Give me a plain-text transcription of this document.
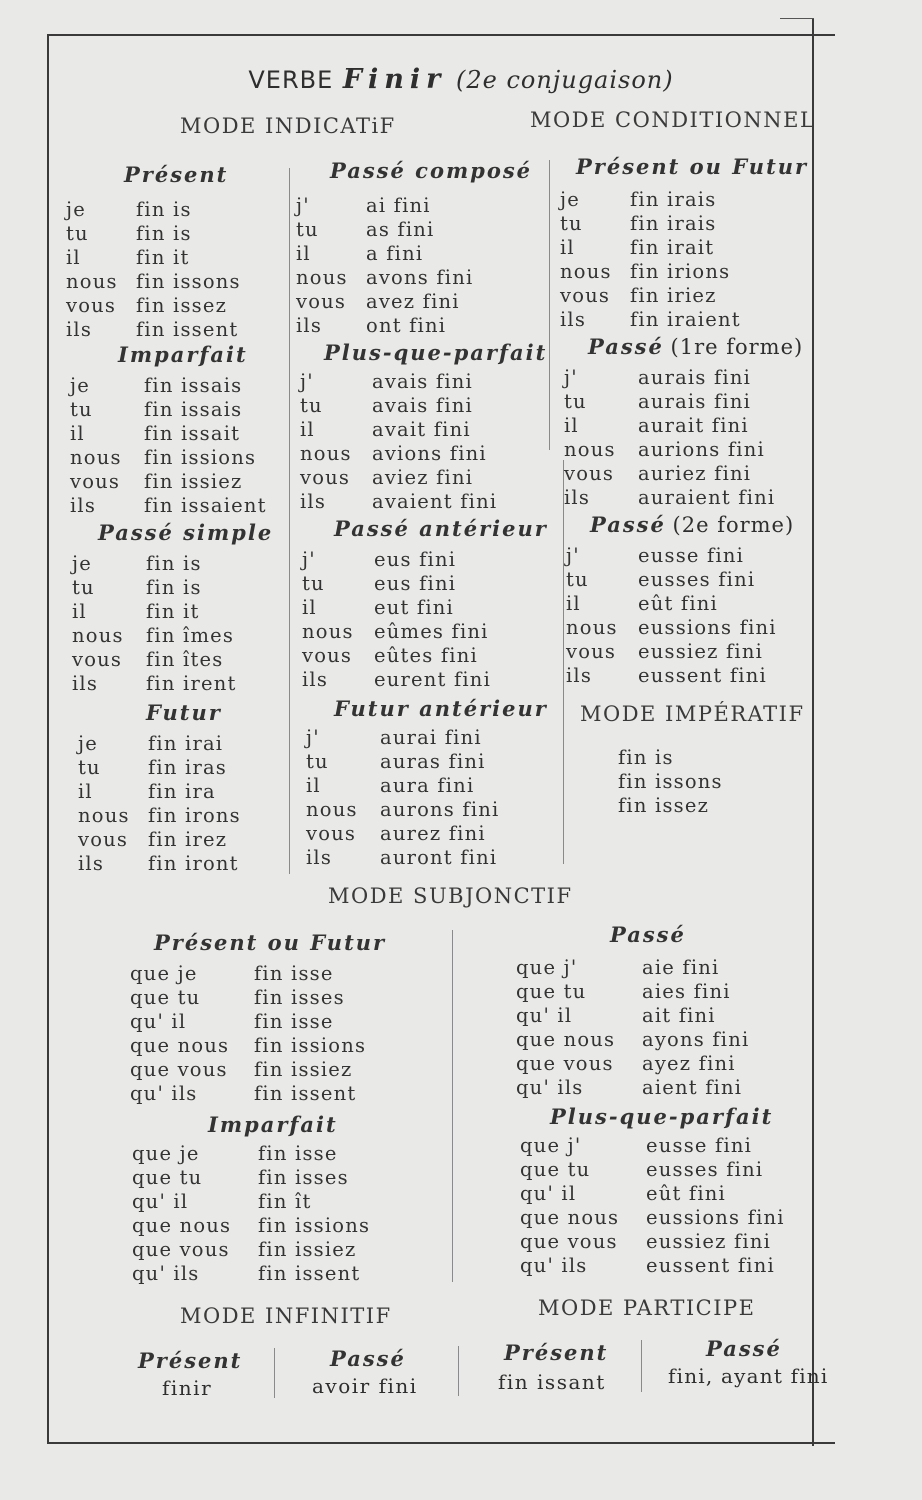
VERBE Finir (2e conjugaison)
MODE INDICATiF	MODE CONDITIONNEL
Présent
Imparfait
Passé simple
Futur
Passé composé
Plus-que-parfait
Passé antérieur
Futur antérieur
Présent ou Futur
Passé (1re forme)
Passé (2e forme)
MODE IMPÉRATIF
je	fin is
tu fin is
il	fin it
nous fin issons
vous fin issez
ils fin issent
je	fin issais
tu	fin issais
il	fin issait
nous fin issions
vous fin issiez
ils fin issaient
je	fin is
tu	fin is
il	fin it
nous fin îmes
vous fin îtes
ils fin irent
je	fin irai
tu fin iras
il	fin ira
nous fin irons
vous fin irez
ils fin iront
j'	ai fini
tu as fini
il	a fini
nous avons fini
vous avez fini
ils ont fini
j'	avais fini
tu	avais fini
il	avait fini
nous avions fini
vous aviez fini
ils avaient fini
j'	eus fini
tu	eus fini
il	eut fini
nous eûmes fini
vous eûtes fini
ils eurent fini
j'	aurai fini
tu	auras fini
il	aura fini
nous aurons fini
vous aurez fini
ils auront fini
je	fin irais
tu fin irais
il	fin irait
nous fin irions
vous fin iriez
ils fin iraient
j'	aurais fini
tu	aurais fini
il	aurait fini
nous aurions fini
vous auriez fini
ils auraient fini
j'	eusse fini
tu	eusses fini
il	eût fini
nous eussions fini
vous eussiez fini
ils eussent fini
fin is
fin issons
fin issez
MODE SUBJONCTIF
Présent ou Futur
Imparfait
Passé
Plus-que-parfait
que je	fin isse
que tu	fin isses
qu' il	fin isse
que nous fin issions
que vous fin issiez
qu' ils	fin issent
que je	fin isse
que tu	fin isses
qu' il	fin ît
que nous fin issions
que vous fin issiez
qu' ils	fin issent
que j'	aie fini
que tu	aies fini
qu' il	ait fini
que nous ayons fini
que vous ayez fini
qu' ils	aient fini
que j'	eusse fini
que tu	eusses fini
qu' il	eût fini
que nous eussions fini
que vous eussiez fini
qu' ils	eussent fini
MODE INFINITIF	MODE PARTICIPE
Présent	Passé	Présent	Passé
finir	avoir fini	fin issant	fini, ayant fini
